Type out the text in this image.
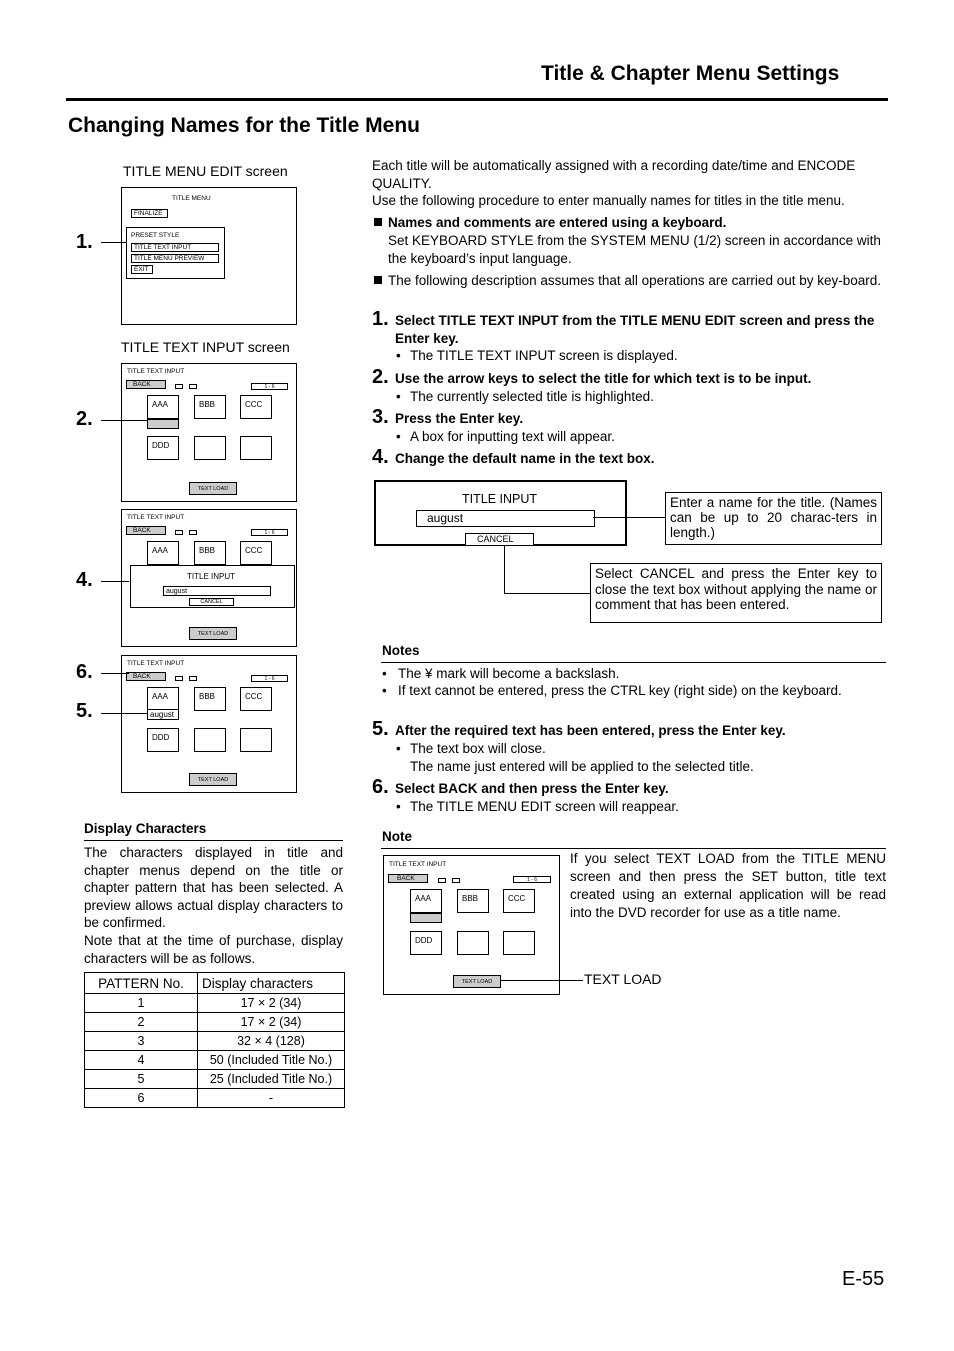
Title & Chapter Menu Settings
Changing Names for the Title Menu
TITLE MENU EDIT screen
TITLE MENU
FINALIZE
PRESET STYLE
TITLE TEXT INPUT
TITLE MENU PREVIEW
EXIT
1.
TITLE TEXT INPUT screen
TITLE TEXT INPUT
BACK	1 - 6
AAA	BBB	CCC
DDD
TEXT LOAD
2.
TITLE TEXT INPUT
BACK	1 - 6
AAA	BBB	CCC
TITLE INPUT
august
CANCEL
TEXT LOAD
4.
TITLE TEXT INPUT
BACK	1 - 6
AAA
august
BBB	CCC
DDD
TEXT LOAD
6.
5.
Display Characters
The characters displayed in title and chapter menus depend on the title or chapter pattern that has been selected. A preview allows actual display characters to be confirmed.
Note that at the time of purchase, display characters will be as follows.
PATTERN No.	Display characters
1	17 × 2 (34)
2	17 × 2 (34)
3	32 × 4 (128)
4	50 (Included Title No.)
5	25 (Included Title No.)
6	-
Each title will be automatically assigned with a recording date/time and ENCODE QUALITY.
Use the following procedure to enter manually names for titles in the title menu.
Names and comments are entered using a keyboard.
Set KEYBOARD STYLE from the SYSTEM MENU (1/2) screen in accordance with the keyboard’s input language.
The following description assumes that all operations are carried out by key-board.
1. Select TITLE TEXT INPUT from the TITLE MENU EDIT screen and press the Enter key.
• The TITLE TEXT INPUT screen is displayed.
2. Use the arrow keys to select the title for which text is to be input.
• The currently selected title is highlighted.
3. Press the Enter key.
• A box for inputting text will appear.
4. Change the default name in the text box.
TITLE INPUT
august
CANCEL
Enter a name for the title. (Names can be up to 20 charac-ters in length.)
Select CANCEL and press the Enter key to close the text box without applying the name or comment that has been entered.
Notes
• The ¥ mark will become a backslash.
• If text cannot be entered, press the CTRL key (right side) on the keyboard.
5. After the required text has been entered, press the Enter key.
• The text box will close.
The name just entered will be applied to the selected title.
6. Select BACK and then press the Enter key.
• The TITLE MENU EDIT screen will reappear.
Note
TITLE TEXT INPUT
BACK	1 - 6
AAA	BBB	CCC
DDD
TEXT LOAD	TEXT LOAD
If you select TEXT LOAD from the TITLE MENU screen and then press the SET button, title text created using an external application will be read into the DVD recorder for use as a title name.
E-55
